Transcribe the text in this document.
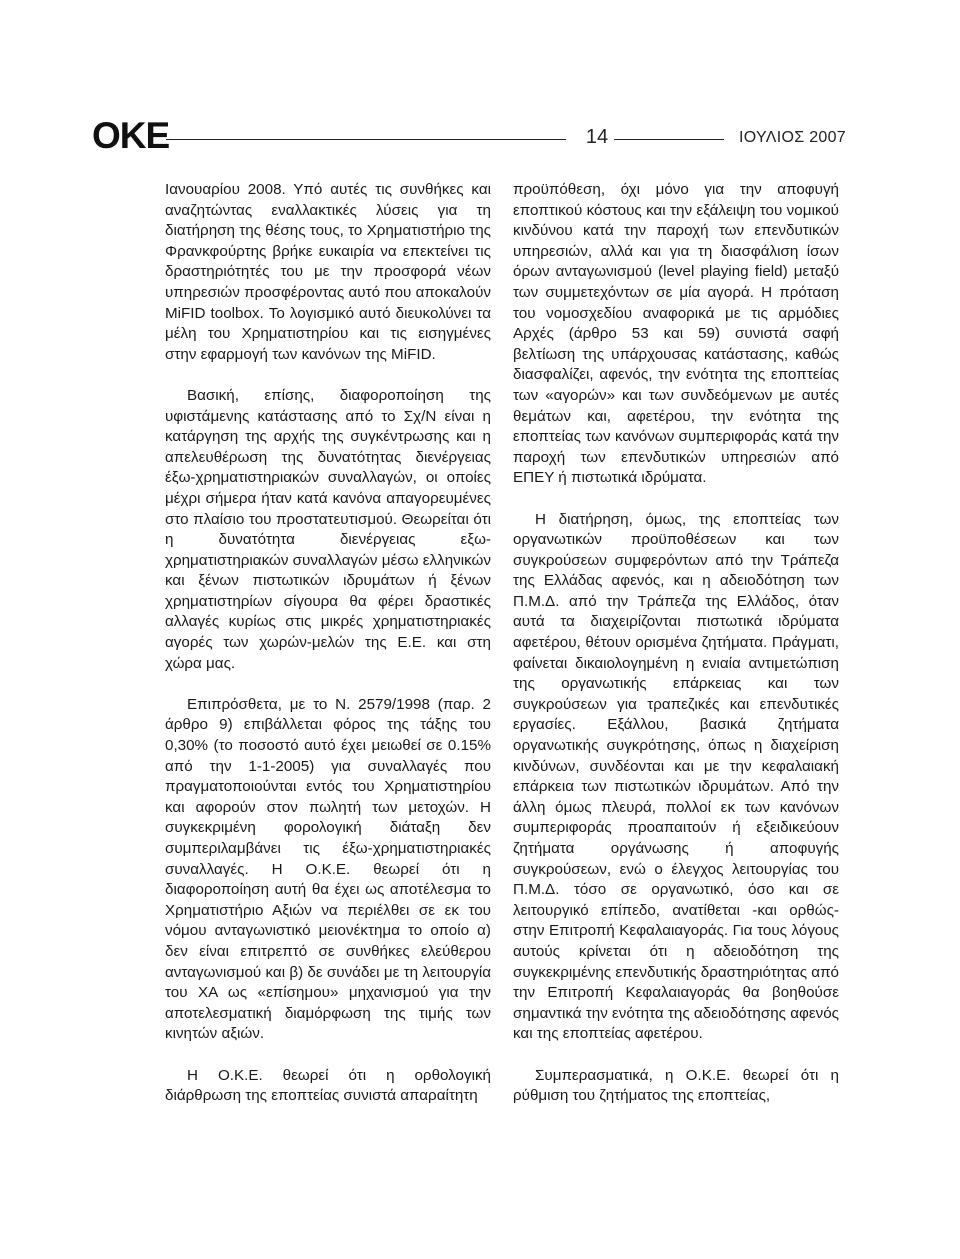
OKE	14	ΙΟΥΛΙΟΣ 2007

Ιανουαρίου 2008. Υπό αυτές τις συνθήκες και αναζητώντας εναλλακτικές λύσεις για τη διατήρηση της θέσης τους, το Χρηματιστήριο της Φρανκφούρτης βρήκε ευκαιρία να επεκτείνει τις δραστηριότητές του με την προσφορά νέων υπηρεσιών προσφέροντας αυτό που αποκαλούν MiFID toolbox. Το λογισμικό αυτό διευκολύνει τα μέλη του Χρηματιστηρίου και τις εισηγμένες στην εφαρμογή των κανόνων της MiFID.

Βασική, επίσης, διαφοροποίηση της υφιστάμενης κατάστασης από το Σχ/Ν είναι η κατάργηση της αρχής της συγκέντρωσης και η απελευθέρωση της δυνατότητας διενέργειας έξω-χρηματιστηριακών συναλλαγών, οι οποίες μέχρι σήμερα ήταν κατά κανόνα απαγορευμένες στο πλαίσιο του προστατευτισμού. Θεωρείται ότι η δυνατότητα διενέργειας εξω-χρηματιστηριακών συναλλαγών μέσω ελληνικών και ξένων πιστωτικών ιδρυμάτων ή ξένων χρηματιστηρίων σίγουρα θα φέρει δραστικές αλλαγές κυρίως στις μικρές χρηματιστηριακές αγορές των χωρών-μελών της Ε.Ε. και στη χώρα μας.

Επιπρόσθετα, με το Ν. 2579/1998 (παρ. 2 άρθρο 9) επιβάλλεται φόρος της τάξης του 0,30% (το ποσοστό αυτό έχει μειωθεί σε 0.15% από την 1-1-2005) για συναλλαγές που πραγματοποιούνται εντός του Χρηματιστηρίου και αφορούν στον πωλητή των μετοχών. Η συγκεκριμένη φορολογική διάταξη δεν συμπεριλαμβάνει τις έξω-χρηματιστηριακές συναλλαγές. Η Ο.Κ.Ε. θεωρεί ότι η διαφοροποίηση αυτή θα έχει ως αποτέλεσμα το Χρηματιστήριο Αξιών να περιέλθει σε εκ του νόμου ανταγωνιστικό μειονέκτημα το οποίο α) δεν είναι επιτρεπτό σε συνθήκες ελεύθερου ανταγωνισμού και β) δε συνάδει με τη λειτουργία του ΧΑ ως «επίσημου» μηχανισμού για την αποτελεσματική διαμόρφωση της τιμής των κινητών αξιών.

Η Ο.Κ.Ε. θεωρεί ότι η ορθολογική διάρθρωση της εποπτείας συνιστά απαραίτητη

προϋπόθεση, όχι μόνο για την αποφυγή εποπτικού κόστους και την εξάλειψη του νομικού κινδύνου κατά την παροχή των επενδυτικών υπηρεσιών, αλλά και για τη διασφάλιση ίσων όρων ανταγωνισμού (level playing field) μεταξύ των συμμετεχόντων σε μία αγορά. Η πρόταση του νομοσχεδίου αναφορικά με τις αρμόδιες Αρχές (άρθρο 53 και 59) συνιστά σαφή βελτίωση της υπάρχουσας κατάστασης, καθώς διασφαλίζει, αφενός, την ενότητα της εποπτείας των «αγορών» και των συνδεόμενων με αυτές θεμάτων και, αφετέρου, την ενότητα της εποπτείας των κανόνων συμπεριφοράς κατά την παροχή των επενδυτικών υπηρεσιών από ΕΠΕΥ ή πιστωτικά ιδρύματα.

Η διατήρηση, όμως, της εποπτείας των οργανωτικών προϋποθέσεων και των συγκρούσεων συμφερόντων από την Τράπεζα της Ελλάδας αφενός, και η αδειοδότηση των Π.Μ.Δ. από την Τράπεζα της Ελλάδος, όταν αυτά τα διαχειρίζονται πιστωτικά ιδρύματα αφετέρου, θέτουν ορισμένα ζητήματα. Πράγματι, φαίνεται δικαιολογημένη η ενιαία αντιμετώπιση της οργανωτικής επάρκειας και των συγκρούσεων για τραπεζικές και επενδυτικές εργασίες. Εξάλλου, βασικά ζητήματα οργανωτικής συγκρότησης, όπως η διαχείριση κινδύνων, συνδέονται και με την κεφαλαιακή επάρκεια των πιστωτικών ιδρυμάτων. Από την άλλη όμως πλευρά, πολλοί εκ των κανόνων συμπεριφοράς προαπαιτούν ή εξειδικεύουν ζητήματα οργάνωσης ή αποφυγής συγκρούσεων, ενώ ο έλεγχος λειτουργίας του Π.Μ.Δ. τόσο σε οργανωτικό, όσο και σε λειτουργικό επίπεδο, ανατίθεται -και ορθώς- στην Επιτροπή Κεφαλαιαγοράς. Για τους λόγους αυτούς κρίνεται ότι η αδειοδότηση της συγκεκριμένης επενδυτικής δραστηριότητας από την Επιτροπή Κεφαλαιαγοράς θα βοηθούσε σημαντικά την ενότητα της αδειοδότησης αφενός και της εποπτείας αφετέρου.

Συμπερασματικά, η Ο.Κ.Ε. θεωρεί ότι η ρύθμιση του ζητήματος της εποπτείας,
